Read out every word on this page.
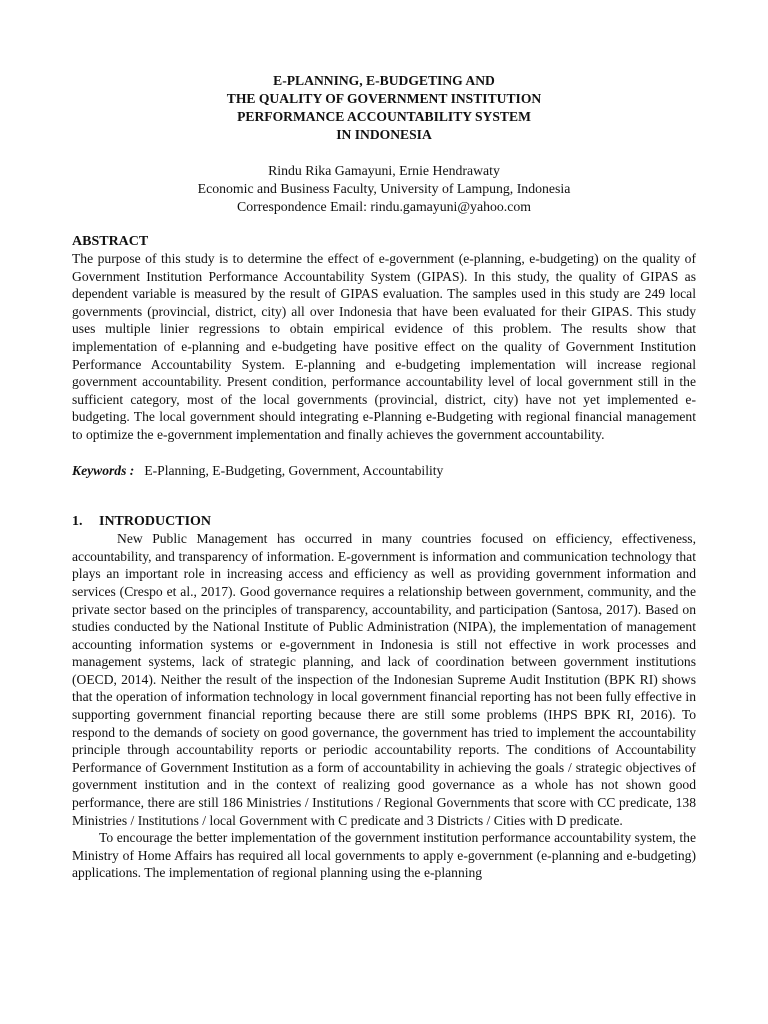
E-PLANNING, E-BUDGETING AND
THE QUALITY OF GOVERNMENT INSTITUTION
PERFORMANCE ACCOUNTABILITY SYSTEM
IN INDONESIA
Rindu Rika Gamayuni, Ernie Hendrawaty
Economic and Business Faculty, University of Lampung, Indonesia
Correspondence Email: rindu.gamayuni@yahoo.com
ABSTRACT

The purpose of this study is to determine the effect of e-government (e-planning, e-budgeting) on the quality of Government Institution Performance Accountability System (GIPAS). In this study, the quality of GIPAS as dependent variable is measured by the result of GIPAS evaluation. The samples used in this study are 249 local governments (provincial, district, city) all over Indonesia that have been evaluated for their GIPAS. This study uses multiple linier regressions to obtain empirical evidence of this problem. The results show that implementation of e-planning and e-budgeting have positive effect on the quality of Government Institution Performance Accountability System. E-planning and e-budgeting implementation will increase regional government accountability. Present condition, performance accountability level of local government still in the sufficient category, most of the local governments (provincial, district, city) have not yet implemented e-budgeting. The local government should integrating e-Planning e-Budgeting with regional financial management to optimize the e-government implementation and finally achieves the government accountability.

Keywords : E-Planning, E-Budgeting, Government, Accountability
1. INTRODUCTION

New Public Management has occurred in many countries focused on efficiency, effectiveness, accountability, and transparency of information. E-government is information and communication technology that plays an important role in increasing access and efficiency as well as providing government information and services (Crespo et al., 2017). Good governance requires a relationship between government, community, and the private sector based on the principles of transparency, accountability, and participation (Santosa, 2017). Based on studies conducted by the National Institute of Public Administration (NIPA), the implementation of management accounting information systems or e-government in Indonesia is still not effective in work processes and management systems, lack of strategic planning, and lack of coordination between government institutions (OECD, 2014). Neither the result of the inspection of the Indonesian Supreme Audit Institution (BPK RI) shows that the operation of information technology in local government financial reporting has not been fully effective in supporting government financial reporting because there are still some problems (IHPS BPK RI, 2016). To respond to the demands of society on good governance, the government has tried to implement the accountability principle through accountability reports or periodic accountability reports. The conditions of Accountability Performance of Government Institution as a form of accountability in achieving the goals / strategic objectives of government institution and in the context of realizing good governance as a whole has not shown good performance, there are still 186 Ministries / Institutions / Regional Governments that score with CC predicate, 138 Ministries / Institutions / local Government with C predicate and 3 Districts / Cities with D predicate.

To encourage the better implementation of the government institution performance accountability system, the Ministry of Home Affairs has required all local governments to apply e-government (e-planning and e-budgeting) applications. The implementation of regional planning using the e-planning
